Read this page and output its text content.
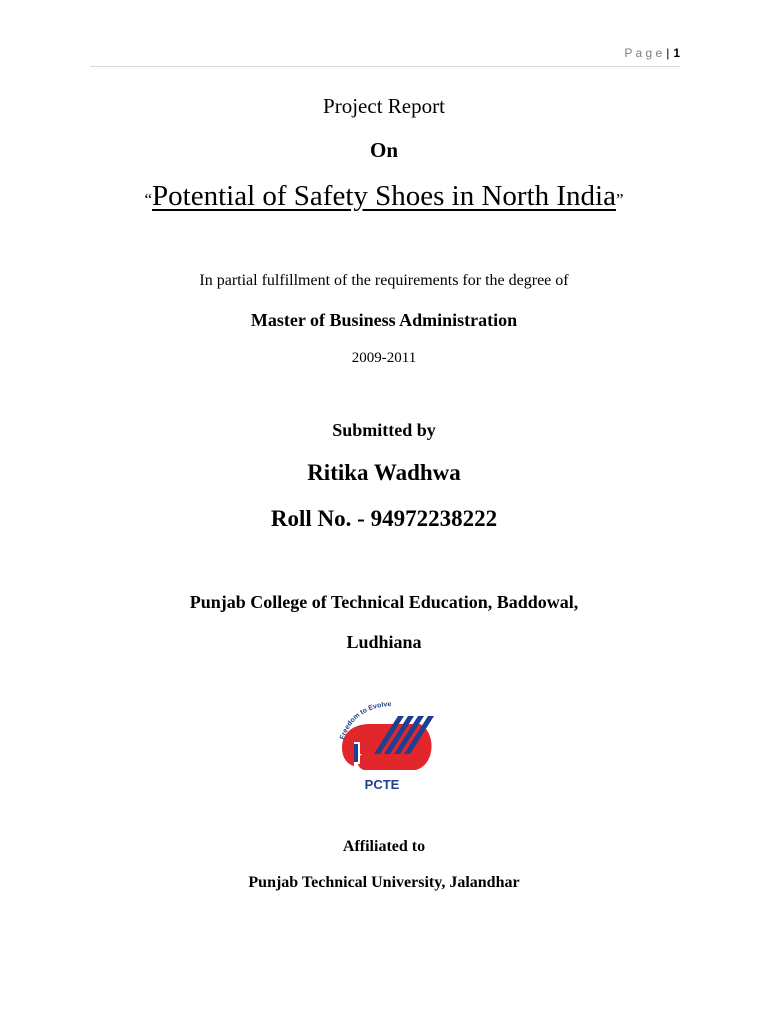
P a g e | 1
Project Report
On
“Potential of Safety Shoes in North India”
In partial fulfillment of the requirements for the degree of
Master of Business Administration
2009-2011
Submitted by
Ritika Wadhwa
Roll No. - 94972238222
Punjab College of Technical Education, Baddowal,
Ludhiana
Freedom to Evolve
PCTE
Affiliated to
Punjab Technical University, Jalandhar
